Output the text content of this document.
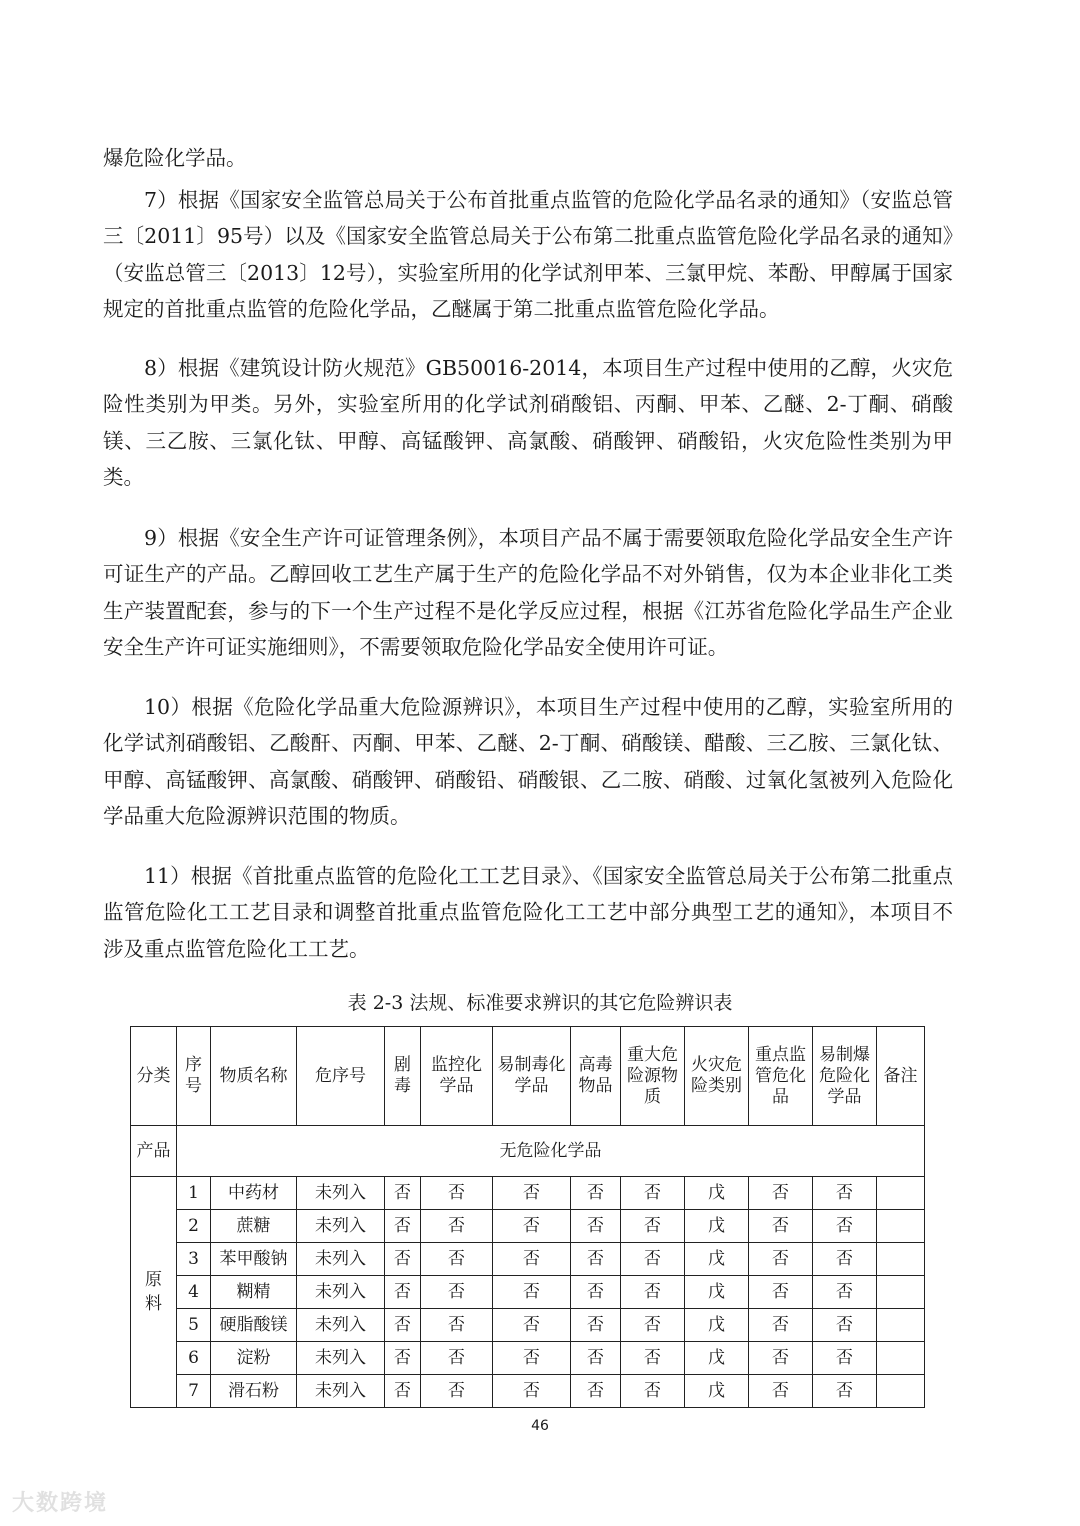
爆危险化学品。

7）根据《国家安全监管总局关于公布首批重点监管的危险化学品名录的通知》（安监总管三〔2011〕95号）以及《国家安全监管总局关于公布第二批重点监管危险化学品名录的通知》（安监总管三〔2013〕12号），实验室所用的化学试剂甲苯、三氯甲烷、苯酚、甲醇属于国家规定的首批重点监管的危险化学品，乙醚属于第二批重点监管危险化学品。

8）根据《建筑设计防火规范》GB50016-2014，本项目生产过程中使用的乙醇，火灾危险性类别为甲类。另外，实验室所用的化学试剂硝酸铝、丙酮、甲苯、乙醚、2-丁酮、硝酸镁、三乙胺、三氯化钛、甲醇、高锰酸钾、高氯酸、硝酸钾、硝酸铅，火灾危险性类别为甲类。

9）根据《安全生产许可证管理条例》，本项目产品不属于需要领取危险化学品安全生产许可证生产的产品。乙醇回收工艺生产属于生产的危险化学品不对外销售，仅为本企业非化工类生产装置配套，参与的下一个生产过程不是化学反应过程，根据《江苏省危险化学品生产企业安全生产许可证实施细则》，不需要领取危险化学品安全使用许可证。

10）根据《危险化学品重大危险源辨识》，本项目生产过程中使用的乙醇，实验室所用的化学试剂硝酸铝、乙酸酐、丙酮、甲苯、乙醚、2-丁酮、硝酸镁、醋酸、三乙胺、三氯化钛、甲醇、高锰酸钾、高氯酸、硝酸钾、硝酸铅、硝酸银、乙二胺、硝酸、过氧化氢被列入危险化学品重大危险源辨识范围的物质。

11）根据《首批重点监管的危险化工工艺目录》、《国家安全监管总局关于公布第二批重点监管危险化工工艺目录和调整首批重点监管危险化工工艺中部分典型工艺的通知》，本项目不涉及重点监管危险化工工艺。

表 2-3 法规、标准要求辨识的其它危险辨识表
分类	序号	物质名称	危序号	剧毒	监控化学品	易制毒化学品	高毒物品	重大危险源物质	火灾危险类别	重点监管危化品	易制爆危险化学品	备注
产品	无危险化学品											
原料	1	中药材	未列入	否	否	否	否	否	戊	否	否	
	2	蔗糖	未列入	否	否	否	否	否	戊	否	否	
	3	苯甲酸钠	未列入	否	否	否	否	否	戊	否	否	
	4	糊精	未列入	否	否	否	否	否	戊	否	否	
	5	硬脂酸镁	未列入	否	否	否	否	否	戊	否	否	
	6	淀粉	未列入	否	否	否	否	否	戊	否	否	
	7	滑石粉	未列入	否	否	否	否	否	戊	否	否	
46
大数跨境
